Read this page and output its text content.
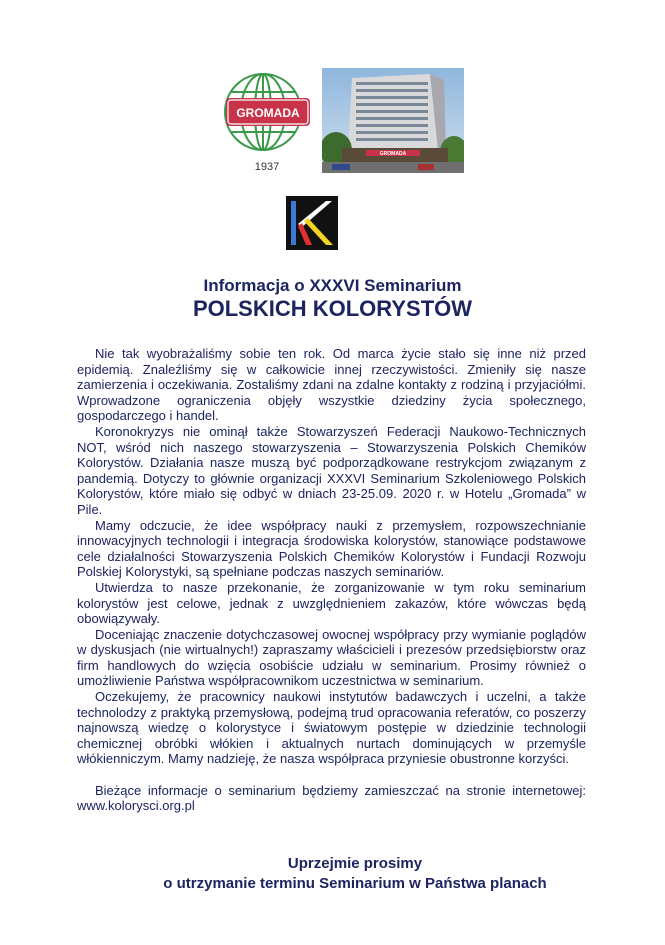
GROMADA
1937
GROMADA
Informacja o XXXVI Seminarium
POLSKICH KOLORYSTÓW

Nie tak wyobrażaliśmy sobie ten rok. Od marca życie stało się inne niż przed epidemią. Znaleźliśmy się w całkowicie innej rzeczywistości. Zmieniły się nasze zamierzenia i oczekiwania. Zostaliśmy zdani na zdalne kontakty z rodziną i przyjaciółmi. Wprowadzone ograniczenia objęły wszystkie dziedziny życia społecznego, gospodarczego i handel.

Koronokryzys nie ominął także Stowarzyszeń Federacji Naukowo-Technicznych NOT, wśród nich naszego stowarzyszenia – Stowarzyszenia Polskich Chemików Kolorystów. Działania nasze muszą być podporządkowane restrykcjom związanym z pandemią. Dotyczy to głównie organizacji XXXVI Seminarium Szkoleniowego Polskich Kolorystów, które miało się odbyć w dniach 23-25.09. 2020 r. w Hotelu „Gromada” w Pile.

Mamy odczucie, że idee współpracy nauki z przemysłem, rozpowszechnianie innowacyjnych technologii i integracja środowiska kolorystów, stanowiące podstawowe cele działalności Stowarzyszenia Polskich Chemików Kolorystów i Fundacji Rozwoju Polskiej Kolorystyki, są spełniane podczas naszych seminariów.

Utwierdza to nasze przekonanie, że zorganizowanie w tym roku seminarium kolorystów jest celowe, jednak z uwzględnieniem zakazów, które wówczas będą obowiązywały.

Doceniając znaczenie dotychczasowej owocnej współpracy przy wymianie poglądów w dyskusjach (nie wirtualnych!) zapraszamy właścicieli i prezesów przedsiębiorstw oraz firm handlowych do wzięcia osobiście udziału w seminarium. Prosimy również o umożliwienie Państwa współpracownikom uczestnictwa w seminarium.

Oczekujemy, że pracownicy naukowi instytutów badawczych i uczelni, a także technolodzy z praktyką przemysłową, podejmą trud opracowania referatów, co poszerzy najnowszą wiedzę o kolorystyce i światowym postępie w dziedzinie technologii chemicznej obróbki włókien i aktualnych nurtach dominujących w przemyśle włókienniczym. Mamy nadzieję, że nasza współpraca przyniesie obustronne korzyści.

Bieżące informacje o seminarium będziemy zamieszczać na stronie internetowej: www.kolorysci.org.pl

Uprzejmie prosimy
o utrzymanie terminu Seminarium w Państwa planach
